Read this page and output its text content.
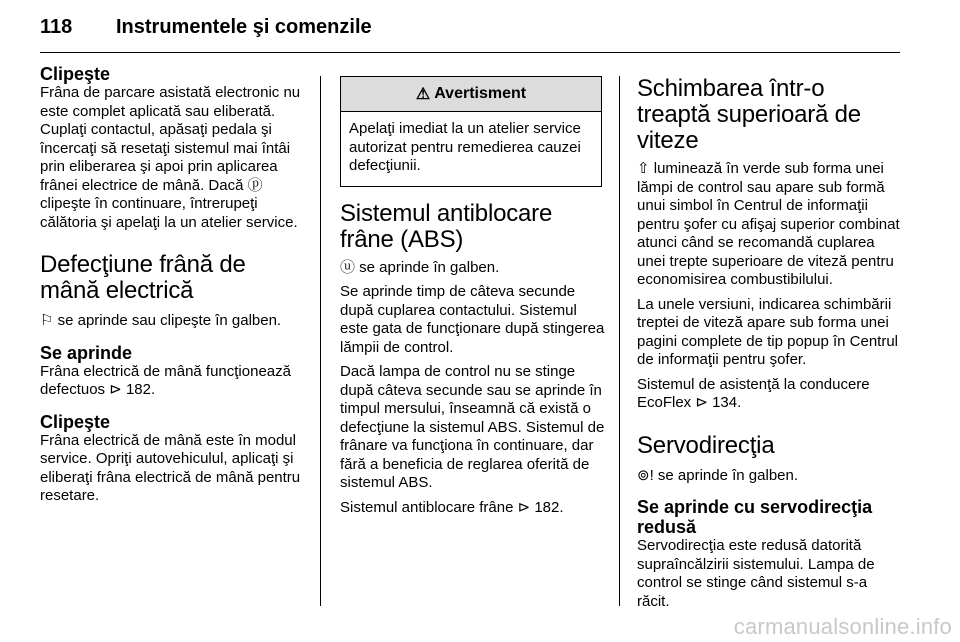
118 Instrumentele şi comenzile
Clipeşte

Frâna de parcare asistată electronic nu este complet aplicată sau eliberată. Cuplaţi contactul, apăsaţi pedala şi încercaţi să resetaţi sistemul mai întâi prin eliberarea şi apoi prin aplicarea frânei electrice de mână. Dacă ⓟ clipeşte în continuare, întrerupeţi călătoria şi apelaţi la un atelier service.

Defecţiune frână de mână electrică

⚐ se aprinde sau clipeşte în galben.

Se aprinde

Frâna electrică de mână funcţionează defectuos ⊳ 182.

Clipeşte

Frâna electrică de mână este în modul service. Opriţi autovehiculul, aplicaţi şi eliberaţi frâna electrică de mână pentru resetare.

⚠ Avertisment

Apelaţi imediat la un atelier service autorizat pentru remedierea cauzei defecţiunii.

Sistemul antiblocare frâne (ABS)

ⓤ se aprinde în galben.

Se aprinde timp de câteva secunde după cuplarea contactului. Sistemul este gata de funcţionare după stingerea lămpii de control.

Dacă lampa de control nu se stinge după câteva secunde sau se aprinde în timpul mersului, înseamnă că există o defecţiune la sistemul ABS. Sistemul de frânare va funcţiona în continuare, dar fără a beneficia de reglarea oferită de sistemul ABS.

Sistemul antiblocare frâne ⊳ 182.

Schimbarea într-o treaptă superioară de viteze

⇧ luminează în verde sub forma unei lămpi de control sau apare sub formă unui simbol în Centrul de informaţii pentru şofer cu afişaj superior combinat atunci când se recomandă cuplarea unei trepte superioare de viteză pentru economisirea combustibilului.

La unele versiuni, indicarea schimbării treptei de viteză apare sub forma unei pagini complete de tip popup în Centrul de informaţii pentru şofer.

Sistemul de asistenţă la conducere EcoFlex ⊳ 134.

Servodirecţia

⊚! se aprinde în galben.

Se aprinde cu servodirecţia redusă

Servodirecţia este redusă datorită supraîncălzirii sistemului. Lampa de control se stinge când sistemul s-a răcit.

carmanualsonline.info
